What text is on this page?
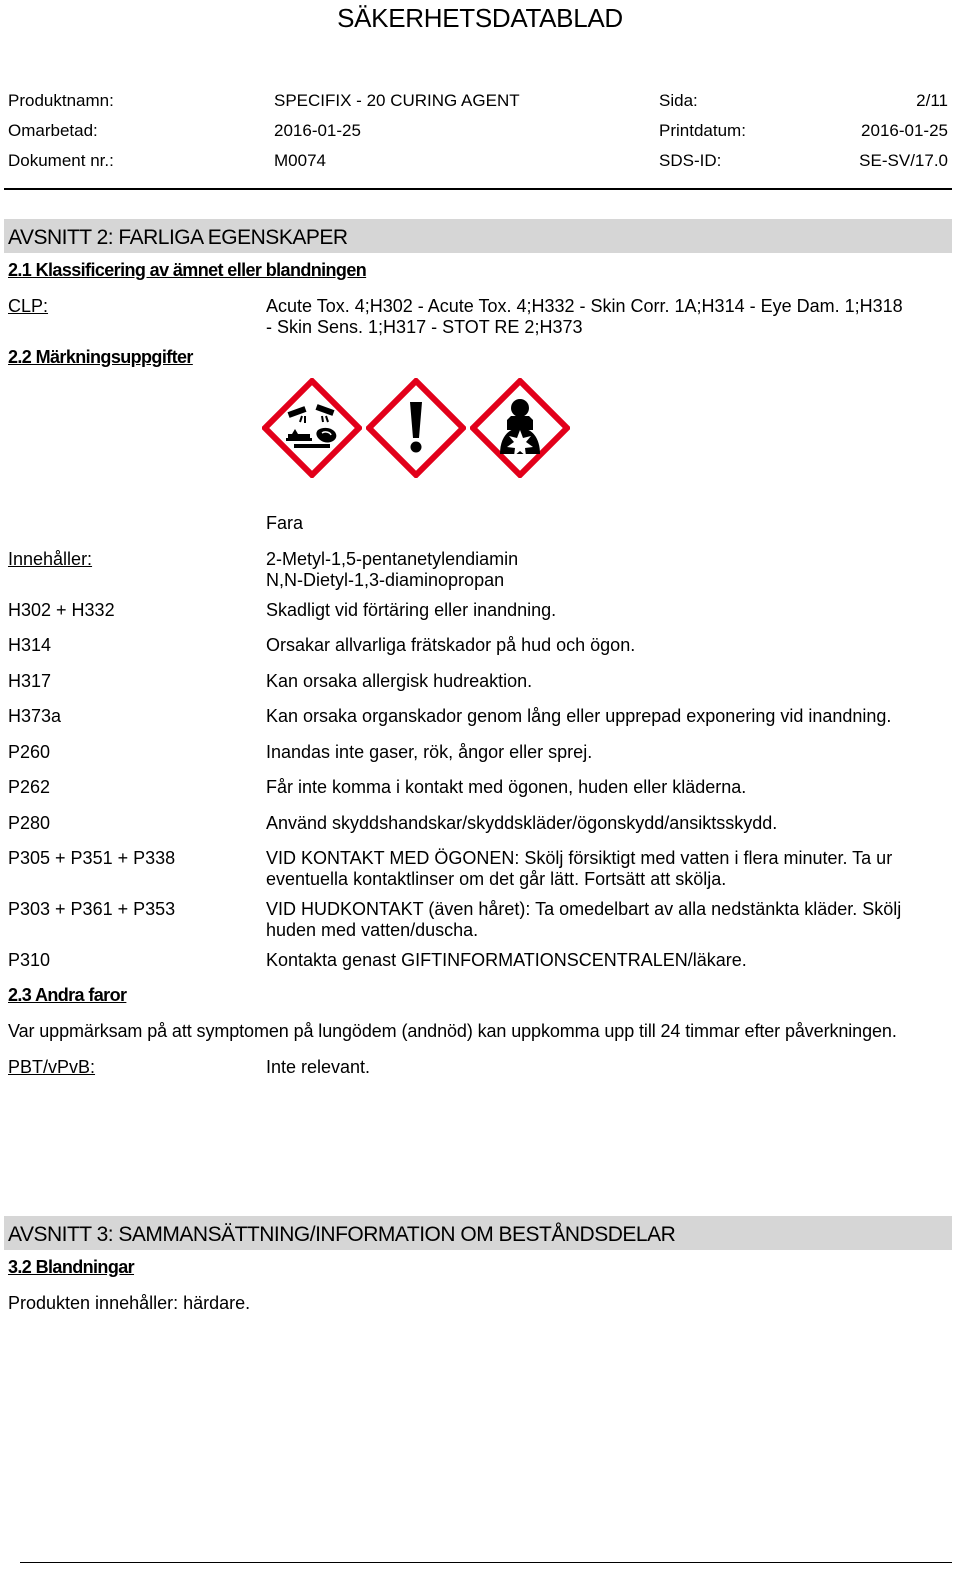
SÄKERHETSDATABLAD
Produktnamn:	SPECIFIX - 20 CURING AGENT	Sida:	2/11
Omarbetad:	2016-01-25	Printdatum:	2016-01-25
Dokument nr.:	M0074	SDS-ID:	SE-SV/17.0
AVSNITT 2: FARLIGA EGENSKAPER
2.1 Klassificering av ämnet eller blandningen
CLP:	Acute Tox. 4;H302 - Acute Tox. 4;H332 - Skin Corr. 1A;H314 - Eye Dam. 1;H318
- Skin Sens. 1;H317 - STOT RE 2;H373
2.2 Märkningsuppgifter
Fara
Innehåller:	2-Metyl-1,5-pentanetylendiamin
N,N-Dietyl-1,3-diaminopropan
H302 + H332	Skadligt vid förtäring eller inandning.
H314	Orsakar allvarliga frätskador på hud och ögon.
H317	Kan orsaka allergisk hudreaktion.
H373a	Kan orsaka organskador genom lång eller upprepad exponering vid inandning.
P260	Inandas inte gaser, rök, ångor eller sprej.
P262	Får inte komma i kontakt med ögonen, huden eller kläderna.
P280	Använd skyddshandskar/skyddskläder/ögonskydd/ansiktsskydd.
P305 + P351 + P338	VID KONTAKT MED ÖGONEN: Skölj försiktigt med vatten i flera minuter. Ta ur
eventuella kontaktlinser om det går lätt. Fortsätt att skölja.
P303 + P361 + P353	VID HUDKONTAKT (även håret): Ta omedelbart av alla nedstänkta kläder. Skölj
huden med vatten/duscha.
P310	Kontakta genast GIFTINFORMATIONSCENTRALEN/läkare.
2.3 Andra faror
Var uppmärksam på att symptomen på lungödem (andnöd) kan uppkomma upp till 24 timmar efter påverkningen.
PBT/vPvB:	Inte relevant.
AVSNITT 3: SAMMANSÄTTNING/INFORMATION OM BESTÅNDSDELAR
3.2 Blandningar
Produkten innehåller: härdare.
